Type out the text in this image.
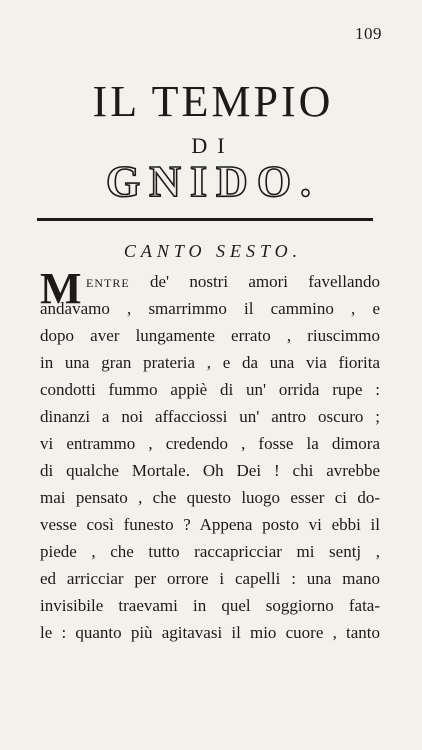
109
IL TEMPIO
DI
GNIDO.
CANTO SESTO.
M entre de' nostri amori favellando
andavamo , smarrimmo il cammino , e
dopo aver lungamente errato , riuscimmo
in una gran prateria , e da una via fiorita
condotti fummo appiè di un' orrida rupe :
dinanzi a noi affacciossi un' antro oscuro ;
vi entrammo , credendo , fosse la dimora
di qualche Mortale. Oh Dei ! chi avrebbe
mai pensato , che questo luogo esser ci do-
vesse così funesto ? Appena posto vi ebbi il
piede , che tutto raccapricciar mi sentj ,
ed arricciar per orrore i capelli : una mano
invisibile traevami in quel soggiorno fata-
le : quanto più agitavasi il mio cuore , tanto
